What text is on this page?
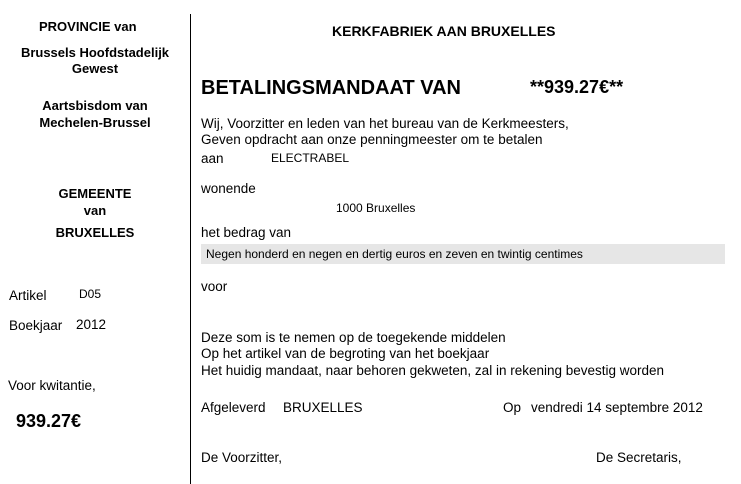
PROVINCIE van
Brussels Hoofdstadelijk
Gewest
Aartsbisdom van
Mechelen-Brussel
GEMEENTE
van
BRUXELLES
Artikel	D05
Boekjaar 2012
Voor kwitantie,
939.27€
KERKFABRIEK AAN BRUXELLES
BETALINGSMANDAAT VAN	**939.27€**
Wij, Voorzitter en leden van het bureau van de Kerkmeesters,
Geven opdracht aan onze penningmeester om te betalen
aan	ELECTRABEL
wonende
1000 Bruxelles
het bedrag van
Negen honderd en negen en dertig euros en zeven en twintig centimes
voor
Deze som is te nemen op de toegekende middelen
Op het artikel van de begroting van het boekjaar
Het huidig mandaat, naar behoren gekweten, zal in rekening bevestig worden
Afgeleverd BRUXELLES	Op vendredi 14 septembre 2012
De Voorzitter,	De Secretaris,
